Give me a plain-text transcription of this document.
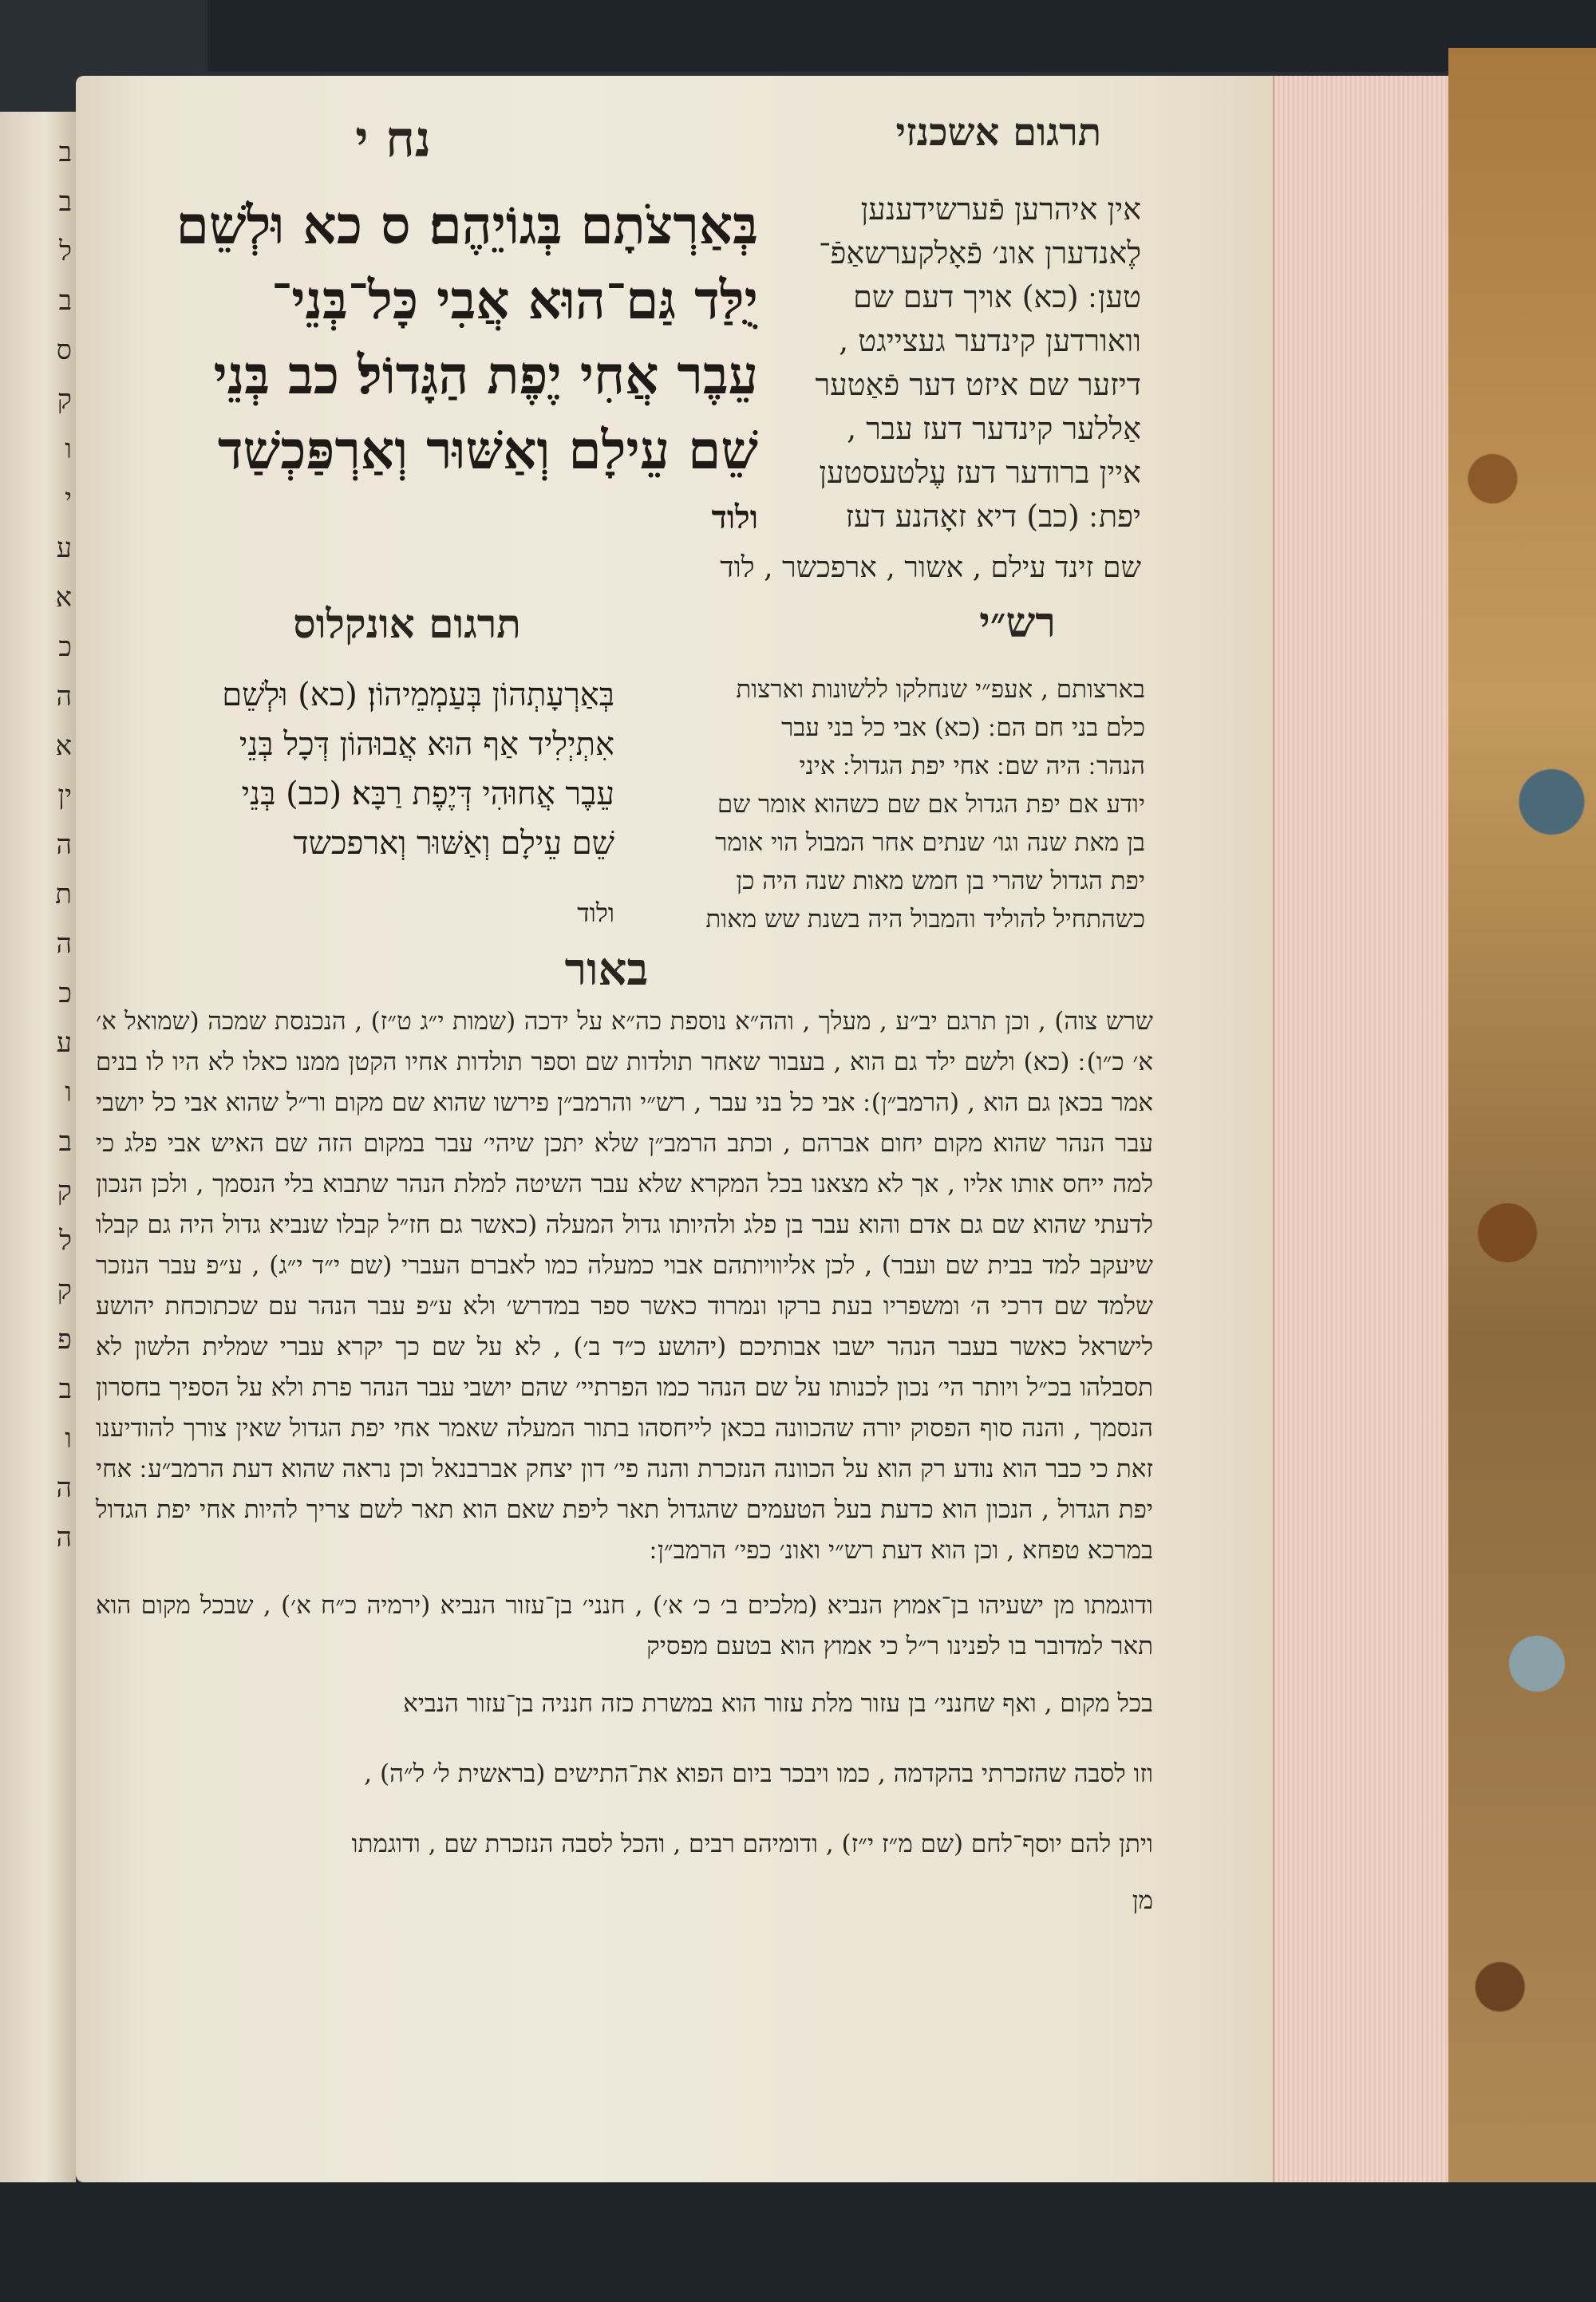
ב
ב
ל
ב
ס
ק
ו
י
ע
א
כ
ה
א
ין
ה
ת
ה
כ
ע
ו
ב
ק
ל
ק
פ
ב
ו
ה
ה
נח י	תרגום אשכנזי
בְּאַרְצֹתָם בְּגוֹיֵהֶם׃ ס כא וּלְשֵׁם
יֻלַּד גַּם־הוּא אֲבִי כָּל־בְּנֵי־
עֵבֶר אֲחִי יֶפֶת הַגָּדוֹל׃ כב בְּנֵי
שֵׁם עֵילָם וְאַשּׁוּר וְאַרְפַּכְשַׁד
ולוד
אין איהרען פֿערשידענען
לֶאנדערן אונ׳ פֿאָלקערשאַפֿ־
טען ׃ (כא) אויך דעם שם
וואורדען קינדער געצייגט ,
דיזער שם איזט דער פֿאַטער
אַללער קינדער דעז עבר ,
איין ברודער דעז עֶלטעסטען
יפת ׃ (כב) דיא זאָהנע דעז
שם זינד עילם , אשור , ארפכשר , לוד
רש״י
תרגום אונקלוס
בארצותם , אעפ״י שנחלקו ללשונות וארצות
כלם בני חם הם ׃ (כא) אבי כל בני עבר
הנהר ׃ היה שם ׃ אחי יפת הגדול ׃ איני
יודע אם יפת הגדול אם שם כשהוא אומר שם
בן מאת שנה וגו׳ שנתים אחר המבול הוי אומר
יפת הגדול שהרי בן חמש מאות שנה היה כן
כשהתחיל להוליד והמבול היה בשנת שש מאות
בְּאַרְעָתְהוֹן בְּעַמְמֵיהוֹן׃ (כא) וּלְשֵׁם
אִתְיְלִיד אַף הוּא אֲבוּהוֹן דְּכָל בְּנֵי
עֵבֶר אֲחוּהִי דְּיֶפֶת רַבָּא׃ (כב) בְּנֵי
שֵׁם עֵילָם וְאַשּׁוּר וְארפכשד
ולוד
באור

שרש צוה) , וכן תרגם יב״ע , מעלך , והה״א נוספת כה״א על ידכה (שמות י״ג ט״ז) , הנכנסת שמכה (שמואל א׳ א׳ כ״ו) ׃ (כא) ולשם ילד גם הוא , בעבור שאחר תולדות שם וספר תולדות אחיו הקטן ממנו כאלו לא היו לו בנים אמר בכאן גם הוא , (הרמב״ן) ׃ אבי כל בני עבר , רש״י והרמב״ן פירשו שהוא שם מקום ור״ל שהוא אבי כל יושבי עבר הנהר שהוא מקום יחום אברהם , וכתב הרמב״ן שלא יתכן שיהי׳ עבר במקום הזה שם האיש אבי פלג כי למה ייחס אותו אליו , אך לא מצאנו בכל המקרא שלא עבר השיטה למלת הנהר שתבוא בלי הנסמך , ולכן הנכון לדעתי שהוא שם גם אדם והוא עבר בן פלג ולהיותו גדול המעלה (כאשר גם חז״ל קבלו שנביא גדול היה גם קבלו שיעקב למד בבית שם ועבר) , לכן אליוויותהם אבוי כמעלה כמו לאברם העברי (שם י״ד י״ג) , ע״פ עבר הנזכר שלמד שם דרכי ה׳ ומשפריו בעת ברקו ונמרוד כאשר ספר במדרש׳ ולא ע״פ עבר הנהר עם שכתוכחת יהושע לישראל כאשר בעבר הנהר ישבו אבותיכם (יהושע כ״ד ב׳) , לא על שם כך יקרא עברי שמלית הלשון לא תסבלהו בכ״ל ויותר הי׳ נכון לכנותו על שם הנהר כמו הפרתיי׳ שהם יושבי עבר הנהר פרת ולא על הספיך בחסרון הנסמך , והנה סוף הפסוק יורה שהכוונה בכאן לייחסהו בתור המעלה שאמר אחי יפת הגדול שאין צורך להודיענו זאת כי כבר הוא נודע רק הוא על הכוונה הנזכרת והנה פי׳ דון יצחק אברבנאל וכן נראה שהוא דעת הרמב״ע ׃ אחי יפת הגדול , הנכון הוא כדעת בעל הטעמים שהגדול תאר ליפת שאם הוא תאר לשם צריך להיות אחי יפת הגדול במרכא טפחא , וכן הוא דעת רש״י ואונ׳ כפי׳ הרמב״ן ׃

ודוגמתו מן ישעיהו בן־אמוץ הנביא (מלכים ב׳ כ׳ א׳) , חנני׳ בן־עזור הנביא (ירמיה כ״ח א׳) , שבכל מקום הוא תאר למדובר בו לפנינו ר״ל כי אמוץ הוא בטעם מפסיק

בכל מקום , ואף שחנני׳ בן עזור מלת עזור הוא במשרת כזה חנניה בן־עזור הנביא

וזו לסבה שהזכרתי בהקדמה , כמו ויבכר ביום הפוא את־התישים (בראשית ל׳ ל״ה) ,

ויתן להם יוסף־לחם (שם מ״ז י״ז) , ודומיהם רבים , והכל לסבה הנזכרת שם , ודוגמתו

מן
